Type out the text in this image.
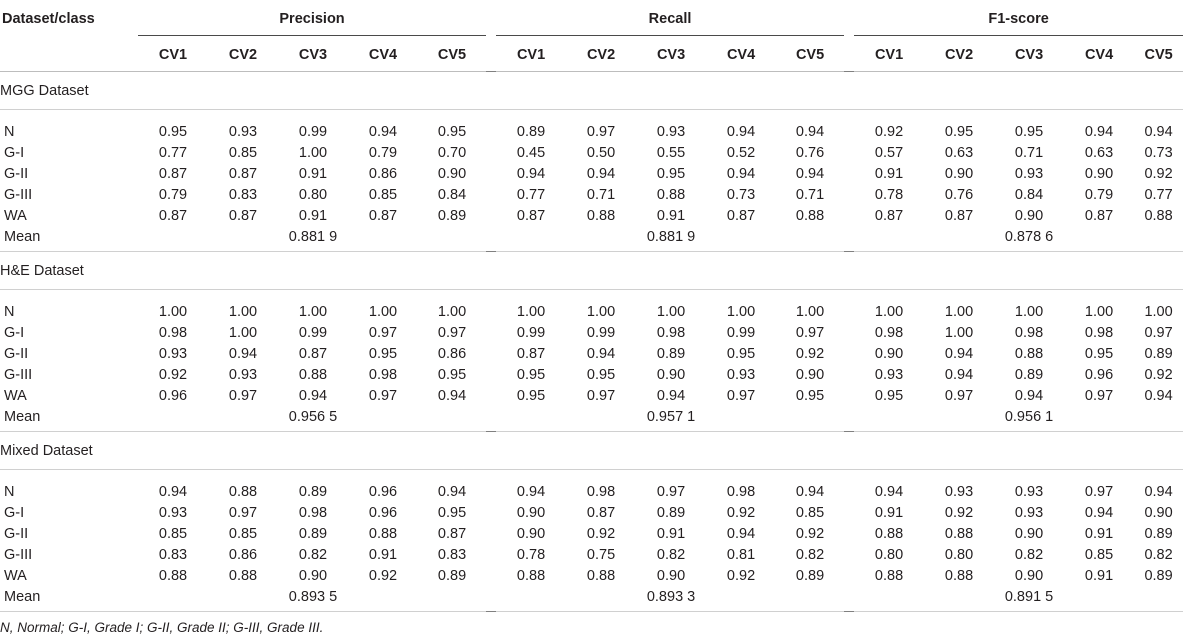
Dataset/class	Precision						Recall						F1-score				

	CV1	CV2	CV3	CV4	CV5		CV1	CV2	CV3	CV4	CV5		CV1	CV2	CV3	CV4	CV5
MGG Dataset																	
N	0.95	0.93	0.99	0.94	0.95		0.89	0.97	0.93	0.94	0.94		0.92	0.95	0.95	0.94	0.94
G-I	0.77	0.85	1.00	0.79	0.70		0.45	0.50	0.55	0.52	0.76		0.57	0.63	0.71	0.63	0.73
G-II	0.87	0.87	0.91	0.86	0.90		0.94	0.94	0.95	0.94	0.94		0.91	0.90	0.93	0.90	0.92
G-III	0.79	0.83	0.80	0.85	0.84		0.77	0.71	0.88	0.73	0.71		0.78	0.76	0.84	0.79	0.77
WA	0.87	0.87	0.91	0.87	0.89		0.87	0.88	0.91	0.87	0.88		0.87	0.87	0.90	0.87	0.88
Mean			0.881 9						0.881 9						0.878 6		
H&E Dataset																	
N	1.00	1.00	1.00	1.00	1.00		1.00	1.00	1.00	1.00	1.00		1.00	1.00	1.00	1.00	1.00
G-I	0.98	1.00	0.99	0.97	0.97		0.99	0.99	0.98	0.99	0.97		0.98	1.00	0.98	0.98	0.97
G-II	0.93	0.94	0.87	0.95	0.86		0.87	0.94	0.89	0.95	0.92		0.90	0.94	0.88	0.95	0.89
G-III	0.92	0.93	0.88	0.98	0.95		0.95	0.95	0.90	0.93	0.90		0.93	0.94	0.89	0.96	0.92
WA	0.96	0.97	0.94	0.97	0.94		0.95	0.97	0.94	0.97	0.95		0.95	0.97	0.94	0.97	0.94
Mean			0.956 5						0.957 1						0.956 1		
Mixed Dataset																	
N	0.94	0.88	0.89	0.96	0.94		0.94	0.98	0.97	0.98	0.94		0.94	0.93	0.93	0.97	0.94
G-I	0.93	0.97	0.98	0.96	0.95		0.90	0.87	0.89	0.92	0.85		0.91	0.92	0.93	0.94	0.90
G-II	0.85	0.85	0.89	0.88	0.87		0.90	0.92	0.91	0.94	0.92		0.88	0.88	0.90	0.91	0.89
G-III	0.83	0.86	0.82	0.91	0.83		0.78	0.75	0.82	0.81	0.82		0.80	0.80	0.82	0.85	0.82
WA	0.88	0.88	0.90	0.92	0.89		0.88	0.88	0.90	0.92	0.89		0.88	0.88	0.90	0.91	0.89
Mean			0.893 5						0.893 3						0.891 5		
N, Normal; G-I, Grade I; G-II, Grade II; G-III, Grade III.
